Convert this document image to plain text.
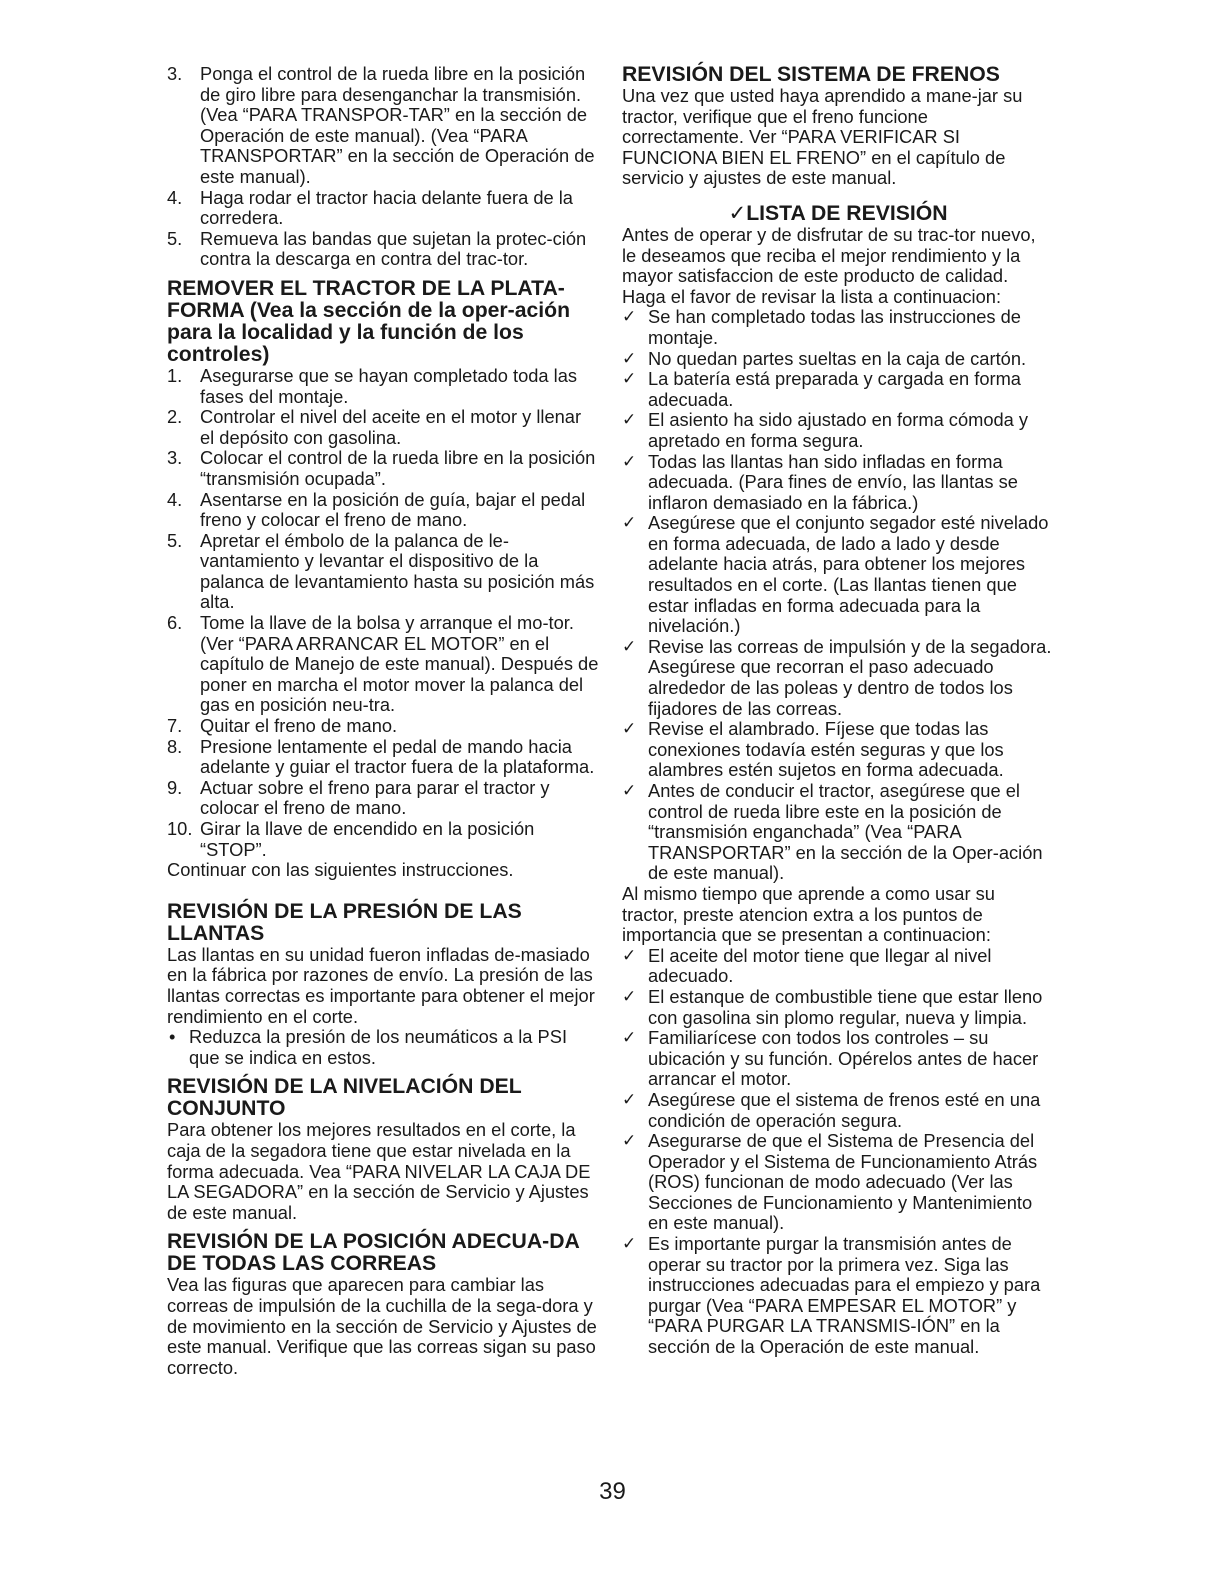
3. Ponga el control de la rueda libre en la posición de giro libre para desenganchar la transmisión. (Vea “PARA TRANSPOR-TAR” en la sección de Operación de este manual). (Vea “PARA TRANSPORTAR” en la sección de Operación de este manual).
4. Haga rodar el tractor hacia delante fuera de la corredera.
5. Remueva las bandas que sujetan la protec-ción contra la descarga en contra del trac-tor.
REMOVER EL TRACTOR DE LA PLATA-FORMA (Vea la sección de la oper-ación para la localidad y la función de los controles)
1. Asegurarse que se hayan completado toda las fases del montaje.
2. Controlar el nivel del aceite en el motor y llenar el depósito con gasolina.
3. Colocar el control de la rueda libre en la posición “transmisión ocupada”.
4. Asentarse en la posición de guía, bajar el pedal freno y colocar el freno de mano.
5. Apretar el émbolo de la palanca de le-vantamiento y levantar el dispositivo de la palanca de levantamiento hasta su posición más alta.
6. Tome la llave de la bolsa y arranque el mo-tor. (Ver “PARA ARRANCAR EL MOTOR” en el capítulo de Manejo de este manual). Después de poner en marcha el motor mover la palanca del gas en posición neu-tra.
7. Quitar el freno de mano.
8. Presione lentamente el pedal de mando hacia adelante y guiar el tractor fuera de la plataforma.
9. Actuar sobre el freno para parar el tractor y colocar el freno de mano.
10. Girar la llave de encendido en la posición “STOP”.

Continuar con las siguientes instrucciones.

REVISIÓN DE LA PRESIÓN DE LAS LLANTAS

Las llantas en su unidad fueron infladas de-masiado en la fábrica por razones de envío. La presión de las llantas correctas es importante para obtener el mejor rendimiento en el corte.

• Reduzca la presión de los neumáticos a la PSI que se indica en estos.
REVISIÓN DE LA NIVELACIÓN DEL CONJUNTO

Para obtener los mejores resultados en el corte, la caja de la segadora tiene que estar nivelada en la forma adecuada. Vea “PARA NIVELAR LA CAJA DE LA SEGADORA” en la sección de Servicio y Ajustes de este manual.

REVISIÓN DE LA POSICIÓN ADECUA-DA DE TODAS LAS CORREAS

Vea las figuras que aparecen para cambiar las correas de impulsión de la cuchilla de la sega-dora y de movimiento en la sección de Servicio y Ajustes de este manual. Verifique que las correas sigan su paso correcto.

REVISIÓN DEL SISTEMA DE FRENOS

Una vez que usted haya aprendido a mane-jar su tractor, verifique que el freno funcione correctamente. Ver “PARA VERIFICAR SI FUNCIONA BIEN EL FRENO” en el capítulo de servicio y ajustes de este manual.

✓LISTA DE REVISIÓN

Antes de operar y de disfrutar de su trac-tor nuevo, le deseamos que reciba el mejor rendimiento y la mayor satisfaccion de este producto de calidad.

Haga el favor de revisar la lista a continuacion:

✓ Se han completado todas las instrucciones de montaje.
✓ No quedan partes sueltas en la caja de cartón.
✓ La batería está preparada y cargada en forma adecuada.
✓ El asiento ha sido ajustado en forma cómoda y apretado en forma segura.
✓ Todas las llantas han sido infladas en forma adecuada. (Para fines de envío, las llantas se inflaron demasiado en la fábrica.)
✓ Asegúrese que el conjunto segador esté nivelado en forma adecuada, de lado a lado y desde adelante hacia atrás, para obtener los mejores resultados en el corte. (Las llantas tienen que estar infladas en forma adecuada para la nivelación.)
✓ Revise las correas de impulsión y de la segadora. Asegúrese que recorran el paso adecuado alrededor de las poleas y dentro de todos los fijadores de las correas.
✓ Revise el alambrado. Fíjese que todas las conexiones todavía estén seguras y que los alambres estén sujetos en forma adecuada.
✓ Antes de conducir el tractor, asegúrese que el control de rueda libre este en la posición de “transmisión enganchada” (Vea “PARA TRANSPORTAR” en la sección de la Oper-ación de este manual).

Al mismo tiempo que aprende a como usar su tractor, preste atencion extra a los puntos de importancia que se presentan a continuacion:

✓ El aceite del motor tiene que llegar al nivel adecuado.
✓ El estanque de combustible tiene que estar lleno con gasolina sin plomo regular, nueva y limpia.
✓ Familiarícese con todos los controles – su ubicación y su función. Opérelos antes de hacer arrancar el motor.
✓ Asegúrese que el sistema de frenos esté en una condición de operación segura.
✓ Asegurarse de que el Sistema de Presencia del Operador y el Sistema de Funcionamiento Atrás (ROS) funcionan de modo adecuado (Ver las Secciones de Funcionamiento y Mantenimiento en este manual).
✓ Es importante purgar la transmisión antes de operar su tractor por la primera vez. Siga las instrucciones adecuadas para el empiezo y para purgar (Vea “PARA EMPESAR EL MOTOR” y “PARA PURGAR LA TRANSMIS-IÓN” en la sección de la Operación de este manual.
39
